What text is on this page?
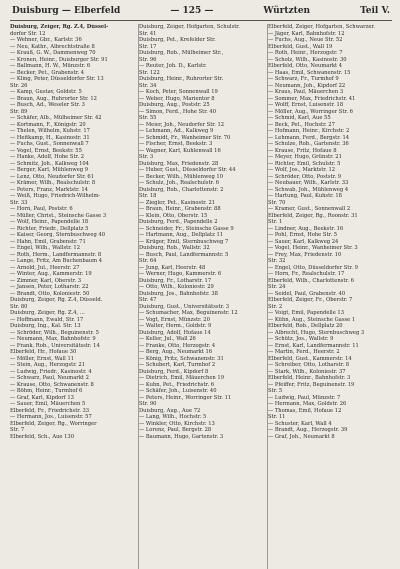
Duisburg — Elberfeld	— 125 —	Würtzten	Teil V.
Duisburg, Zeiger, Rg. Z.4, Düssel-
dorfer Str. 12
— Wehner, Gbr., Karlstr. 36
— Neu, Kathr., Albrechtstraße 8
— Krauß, G. W., Dammenweg 70
— Kronen, Heinr., Duisburger Str. 91
— Ballmann, H. W., Münzstr. 6
— Becker, Pet., Grabenstr. 4
— Kling, Peter, Düsseldorfer Str. 13
Str. 26
— Kamp, Gustav, Goldstr. 5
— Braun, Aug., Ruhrorter Str. 12
— Busch, Ad., Weseler Str. 3
Str. 89
— Schäfer, Alb., Mülheimer Str. 42
— Kortmann, F., Königstr. 20
— Thelen, Wilhelm, Kuhstr. 17
— Heitkamp, H., Kasinostr. 31
— Fuchs, Gust., Sonnenwall 7
— Vogel, Ernst, Beekstr. 55
— Hanke, Adolf, Hohe Str. 2
— Schmitz, Joh., Kalkweg 104
— Berger, Karl, Mühlenweg 9
— Lenz, Otto, Neudorfer Str. 61
— Krämer, Wilh., Realschulstr. 8
— Peters, Franz, Marktstr. 14
— Weiß, Hugo, Friedrich-Wilhelm-
Str. 33
— Horn, Paul, Poststr. 6
— Müller, Christ., Steinsche Gasse 3
— Wolf, Heinr., Papendelle 18
— Richter, Friedr., Dellplatz 5
— Kaiser, Georg, Sternbuschweg 40
— Hahn, Emil, Grabenstr. 71
— Engel, Wilh., Wallstr. 12
— Roth, Herm., Landfermannstr. 8
— Lange, Fritz, Am Buchenbaum 4
— Arnold, Jul., Heerstr. 27
— Winter, Aug., Kammerstr. 19
— Zimmer, Karl, Oberstr. 3
— Jansen, Peter, Lotharstr. 22
— Brandt, Otto, Koloniestr. 50
Duisburg, Zeiger, Rg. Z.4, Düsseld.
Str. 80
Duisburg, Zeiger, Rg. Z.4, ...
— Hoffmann, Ewald, Str. 17
Duisburg, Ing., Kal. Str. 13
— Schröder, Wilh., Beguinenstr. 5
— Neumann, Max, Bahnhofstr. 9
— Frank, Rob., Universitätsstr. 14
Elberfeld, Hr., Hofaue 30
— Möller, Ernst, Wall 11
— Stein, Aug., Herzogstr. 21
— Ludwig, Friedr., Kasinostr. 4
— Schwarz, Paul, Neumarkt 2
— Krause, Otto, Schwanenstr. 8
— Böhm, Heinr., Turmhof 6
— Graf, Karl, Kipdorf 13
— Sauer, Emil, Mäuerchen 5
Elberfeld, Fr., Friedrichstr. 33
— Hermann, Jos., Luisenstr. 57
Elberfeld, Zeiger, Rg., Worringer
Str. 7
Elberfeld, Sch., Aue 130
Duisburg, Zeiger, Hofgarten, Schulstr.
Str. 41
Duisburg, Pet., Krefelder Str.
Str. 17
Duisburg, Rob., Mülheimer Str.,
Str. 96
— Reuter, Joh. D., Karlstr.
Str. 122
Duisburg, Heinr., Ruhrorter Str.
Str. 34
— Koch, Peter, Sonnenwall 19
— Weber, Hugo, Marientor 8
Duisburg, Aug., Poststr. 25
— Simon, Ferd., Hohe Str. 40
Str. 55
— Meier, Joh., Neudorfer Str. 12
— Lehmann, Ad., Kalkweg 9
— Schmidt, Fr., Wanheimer Str. 70
— Fischer, Ernst, Beekstr. 3
— Wagner, Karl, Kuhlenwall 16
Str. 3
Duisburg, Max, Friedenstr. 28
— Huber, Gust., Düsseldorfer Str. 44
— Becker, Wilh., Mühlenweg 10
— Schulz, Joh., Realschulstr. 6
Duisburg, Rob., Charlottenstr. 2
Str. 18
— Ziegler, Pet., Kasinostr. 21
— Braun, Heinr., Grabenstr. 88
— Klein, Otto, Oberstr. 15
Duisburg, Ferd., Papendelle 2
— Schneider, Fr., Steinsche Gasse 9
— Hartmann, Aug., Dellplatz 11
— Krüger, Emil, Sternbuschweg 7
Duisburg, Rob., Wallstr. 32
— Busch, Paul, Landfermannstr. 5
Str. 64
— Jung, Karl, Heerstr. 48
— Werner, Hugo, Kammerstr. 6
Duisburg, Fr., Lotharstr. 17
— Otto, Wilh., Koloniestr. 29
Duisburg, Jos., Bahnhofstr. 38
Str. 47
Duisburg, Gust., Universitätsstr. 3
— Schumacher, Max, Beguinenstr. 12
— Vogt, Ernst, Münzstr. 20
— Walter, Herm., Goldstr. 9
Duisburg, Adolf, Hofaue 14
— Keller, Jul., Wall 26
— Franke, Otto, Herzogstr. 4
— Berg, Aug., Neumarkt 16
— König, Fritz, Schwanenstr. 31
— Schubert, Karl, Turmhof 2
Duisburg, Ferd., Kipdorf 8
— Dietrich, Emil, Mäuerchen 19
— Kuhn, Pet., Friedrichstr. 6
— Schäfer, Joh., Luisenstr. 40
— Peters, Heinr., Worringer Str. 11
Str. 90
Duisburg, Aug., Aue 72
— Lang, Wilh., Hochstr. 5
— Winkler, Otto, Kirchstr. 13
— Lorenz, Paul, Bergstr. 28
— Baumann, Hugo, Gartenstr. 3
Elberfeld, Zeiger, Hofgarten, Schwarzer.
— Jäger, Karl, Bahnhofstr. 12
— Fuchs, Aug., Neue Str. 52
Elberfeld, Gust., Wall 19
— Roth, Heinr., Herzogstr. 7
— Scholz, Wilh., Kasinostr. 30
Elberfeld, Otto, Neumarkt 4
— Haas, Emil, Schwanenstr. 15
— Schwarz, Fr., Turmhof 9
— Neumann, Joh., Kipdorf 22
— Kraus, Paul, Mäuerchen 3
— Sommer, Max, Friedrichstr. 41
— Wolff, Ernst, Luisenstr. 18
— Möller, Aug., Worringer Str. 6
— Schmid, Karl, Aue 55
— Beck, Pet., Hochstr. 27
— Hofmann, Heinr., Kirchstr. 2
— Lehmann, Ferd., Bergstr. 14
— Schulze, Rob., Gartenstr. 36
— Krause, Fritz, Hofaue 8
— Meyer, Hugo, Grünstr. 21
— Richter, Emil, Schulstr. 5
— Wolf, Jos., Marktstr. 12
— Schröder, Otto, Poststr. 9
— Neubauer, Wilh., Karlstr. 33
— Schwab, Joh., Mühlenweg 4
— Hartung, Paul, Kuhstr. 18
Str. 70
— Kramer, Gust., Sonnenwall 2
Elberfeld, Zeiger, Rg., Roonstr. 31
Str. 1
— Lindner, Aug., Beekstr. 16
— Pohl, Ernst, Hohe Str. 5
— Sauer, Karl, Kalkweg 24
— Vogel, Heinr., Wanheimer Str. 3
— Frey, Max, Friedenstr. 10
Str. 32
— Engel, Otto, Düsseldorfer Str. 9
— Horn, Fr., Realschulstr. 17
Elberfeld, Wilh., Charlottenstr. 6
Str. 24
— Seidel, Paul, Grabenstr. 40
Elberfeld, Zeiger, Fr., Oberstr. 7
Str. 2
— Voigt, Emil, Papendelle 13
— Kühn, Aug., Steinsche Gasse 1
Elberfeld, Rob., Dellplatz 20
— Albrecht, Hugo, Sternbuschweg 3
— Schütz, Jos., Wallstr. 9
— Ernst, Karl, Landfermannstr. 11
— Martin, Ferd., Heerstr. 2
Elberfeld, Gust., Kammerstr. 14
— Schreiber, Otto, Lotharstr. 8
— Stark, Wilh., Koloniestr. 37
Elberfeld, Heinr., Bahnhofstr. 3
— Pfeiffer, Fritz, Beguinenstr. 19
Str. 5
— Ludwig, Paul, Münzstr. 7
— Hermann, Max, Goldstr. 26
— Thomas, Emil, Hofaue 12
Str. 11
— Schuster, Karl, Wall 4
— Brandt, Aug., Herzogstr. 39
— Graf, Joh., Neumarkt 8
